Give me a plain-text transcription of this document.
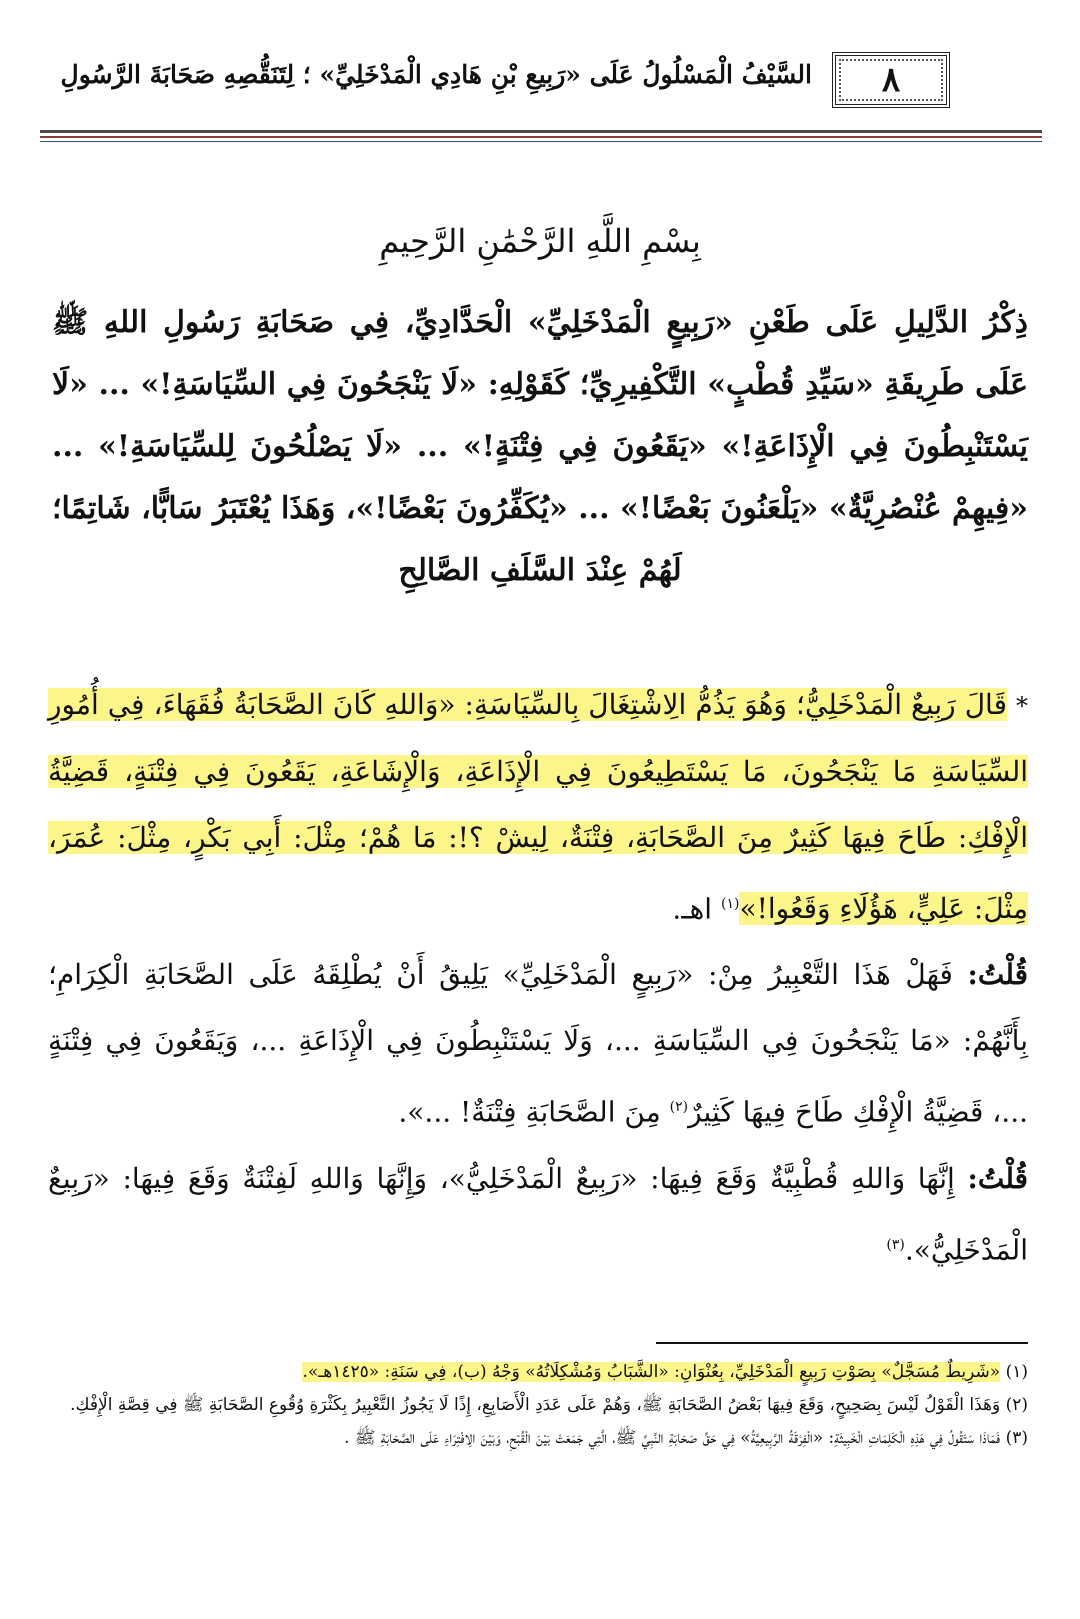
السَّيْفُ الْمَسْلُولُ عَلَى «رَبِيعِ بْنِ هَادِي الْمَدْخَلِيِّ» ؛ لِتَنَقُّصِهِ صَحَابَةَ الرَّسُولِ ٨
بِسْمِ اللَّهِ الرَّحْمَٰنِ الرَّحِيمِ
ذِكْرُ الدَّلِيلِ عَلَى طَعْنِ «رَبِيعٍ الْمَدْخَلِيِّ» الْحَدَّادِيِّ، فِي صَحَابَةِ رَسُولِ اللهِ ﷺ عَلَى طَرِيقَةِ «سَيِّدِ قُطْبٍ» التَّكْفِيرِيِّ؛ كَقَوْلِهِ: «لَا يَنْجَحُونَ فِي السِّيَاسَةِ!» ... «لَا يَسْتَنْبِطُونَ فِي الْإِذَاعَةِ!» «يَقَعُونَ فِي فِتْنَةٍ!» ... «لَا يَصْلُحُونَ لِلسِّيَاسَةِ!» ... «فِيهِمْ عُنْصُرِيَّةٌ» «يَلْعَنُونَ بَعْضًا!» ... «يُكَفِّرُونَ بَعْضًا!»، وَهَذَا يُعْتَبَرُ سَابًّا، شَاتِمًا؛ لَهُمْ عِنْدَ السَّلَفِ الصَّالِحِ

* قَالَ رَبِيعٌ الْمَدْخَلِيُّ؛ وَهُوَ يَذُمُّ الِاشْتِغَالَ بِالسِّيَاسَةِ: «وَاللهِ كَانَ الصَّحَابَةُ فُقَهَاءَ، فِي أُمُورِ السِّيَاسَةِ مَا يَنْجَحُونَ، مَا يَسْتَطِيعُونَ فِي الْإِذَاعَةِ، وَالْإِشَاعَةِ، يَقَعُونَ فِي فِتْنَةٍ، قَضِيَّةُ الْإِفْكِ: طَاحَ فِيهَا كَثِيرٌ مِنَ الصَّحَابَةِ، فِتْنَةٌ، لِيشْ ؟!: مَا هُمْ؛ مِثْلَ: أَبِي بَكْرٍ، مِثْلَ: عُمَرَ، مِثْلَ: عَلِيٍّ، هَؤُلَاءِ وَقَعُوا!»$^{(١)}$ اهـ.

قُلْتُ: فَهَلْ هَذَا التَّعْبِيرُ مِنْ: «رَبِيعٍ الْمَدْخَلِيِّ» يَلِيقُ أَنْ يُطْلِقَهُ عَلَى الصَّحَابَةِ الْكِرَامِ؛ بِأَنَّهُمْ: «مَا يَنْجَحُونَ فِي السِّيَاسَةِ ...، وَلَا يَسْتَنْبِطُونَ فِي الْإِذَاعَةِ ...، وَيَقَعُونَ فِي فِتْنَةٍ ...، قَضِيَّةُ الْإِفْكِ طَاحَ فِيهَا كَثِيرٌ$^{(٢)}$ مِنَ الصَّحَابَةِ فِتْنَةٌ! ...».

قُلْتُ: إِنَّهَا وَاللهِ قُطْبِيَّةٌ وَقَعَ فِيهَا: «رَبِيعٌ الْمَدْخَلِيُّ»، وَإِنَّهَا وَاللهِ لَفِتْنَةٌ وَقَعَ فِيهَا: «رَبِيعٌ الْمَدْخَلِيُّ».$^{(٣)}$

(١) «شَرِيطٌ مُسَجَّلٌ» بِصَوْتِ رَبِيعٍ الْمَدْخَلِيِّ، بِعُنْوَانِ: «الشَّبَابُ وَمُشْكِلَاتُهُ» وَجْهُ (ب)، فِي سَنَةِ: «١٤٢٥هـ».
(٢) وَهَذَا الْقَوْلُ لَيْسَ بِصَحِيحٍ، وَقَعَ فِيهَا بَعْضُ الصَّحَابَةِ ﷺ، وَهُمْ عَلَى عَدَدِ الْأَصَابِعِ، إِذًا لَا يَجُوزُ التَّعْبِيرُ بِكَثْرَةِ وُقُوعِ الصَّحَابَةِ ﷺ فِي قِصَّةِ الْإِفْكِ.
(٣) فَمَاذَا سَتَقُولُ فِي هَذِهِ الْكَلِمَاتِ الْخَبِيثَةِ: «الْفِرْقَةُ الرَّبِيعِيَّةُ» فِي حَقِّ صَحَابَةِ النَّبِيِّ ﷺ، الَّتِي جَمَعَتْ بَيْنَ الْقُبْحِ، وَبَيْنَ الِافْتِرَاءِ عَلَى الصَّحَابَةِ ﷺ .
